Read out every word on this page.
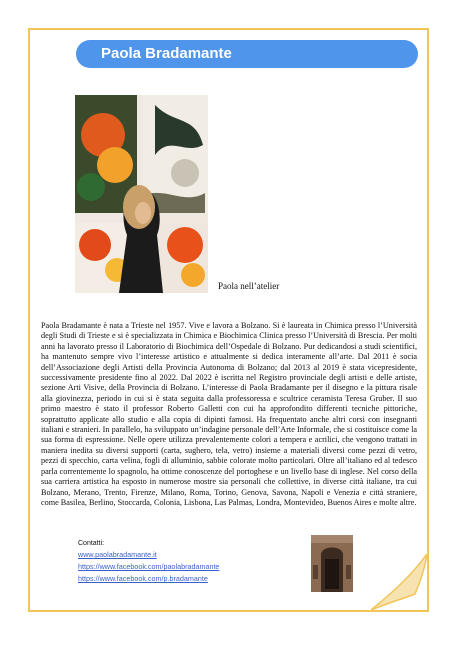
Paola Bradamante
Paola nell’atelier
Paola Bradamante è nata a Trieste nel 1957. Vive e lavora a Bolzano. Si è laureata in Chimica presso l’Università degli Studi di Trieste e si è specializzata in Chimica e Biochimica Clinica presso l’Università di Brescia. Per molti anni ha lavorato presso il Laboratorio di Biochimica dell’Ospedale di Bolzano. Pur dedicandosi a studi scientifici, ha mantenuto sempre vivo l’interesse artistico e attualmente si dedica interamente all’arte. Dal 2011 è socia dell’Associazione degli Artisti della Provincia Autonoma di Bolzano; dal 2013 al 2019 è stata vicepresidente, successivamente presidente fino al 2022. Dal 2022 è iscritta nel Registro provinciale degli artisti e delle artiste, sezione Arti Visive, della Provincia di Bolzano. L’interesse di Paola Bradamante per il disegno e la pittura risale alla giovinezza, periodo in cui si è stata seguita dalla professoressa e scultrice ceramista Teresa Gruber. Il suo primo maestro è stato il professor Roberto Galletti con cui ha approfondito differenti tecniche pittoriche, soprattutto applicate allo studio e alla copia di dipinti famosi. Ha frequentato anche altri corsi con insegnanti italiani e stranieri. In parallelo, ha sviluppato un’indagine personale dell’Arte Informale, che si costituisce come la sua forma di espressione. Nelle opere utilizza prevalentemente colori a tempera e acrilici, che vengono trattati in maniera inedita su diversi supporti (carta, sughero, tela, vetro) insieme a materiali diversi come pezzi di vetro, pezzi di specchio, carta velina, fogli di alluminio, sabbie colorate molto particolari. Oltre all’italiano ed al tedesco parla correntemente lo spagnolo, ha ottime conoscenze del portoghese e un livello base di inglese. Nel corso della sua carriera artistica ha esposto in numerose mostre sia personali che collettive, in diverse città italiane, tra cui Bolzano, Merano, Trento, Firenze, Milano, Roma, Torino, Genova, Savona, Napoli e Venezia e città straniere, come Basilea, Berlino, Stoccarda, Colonia, Lisbona, Las Palmas, Londra, Montevideo, Buenos Aires e molte altre.
Contatti:
www.paolabradamante.it
https://www.facebook.com/paolabradamante
https://www.facebook.com/p.bradamante
